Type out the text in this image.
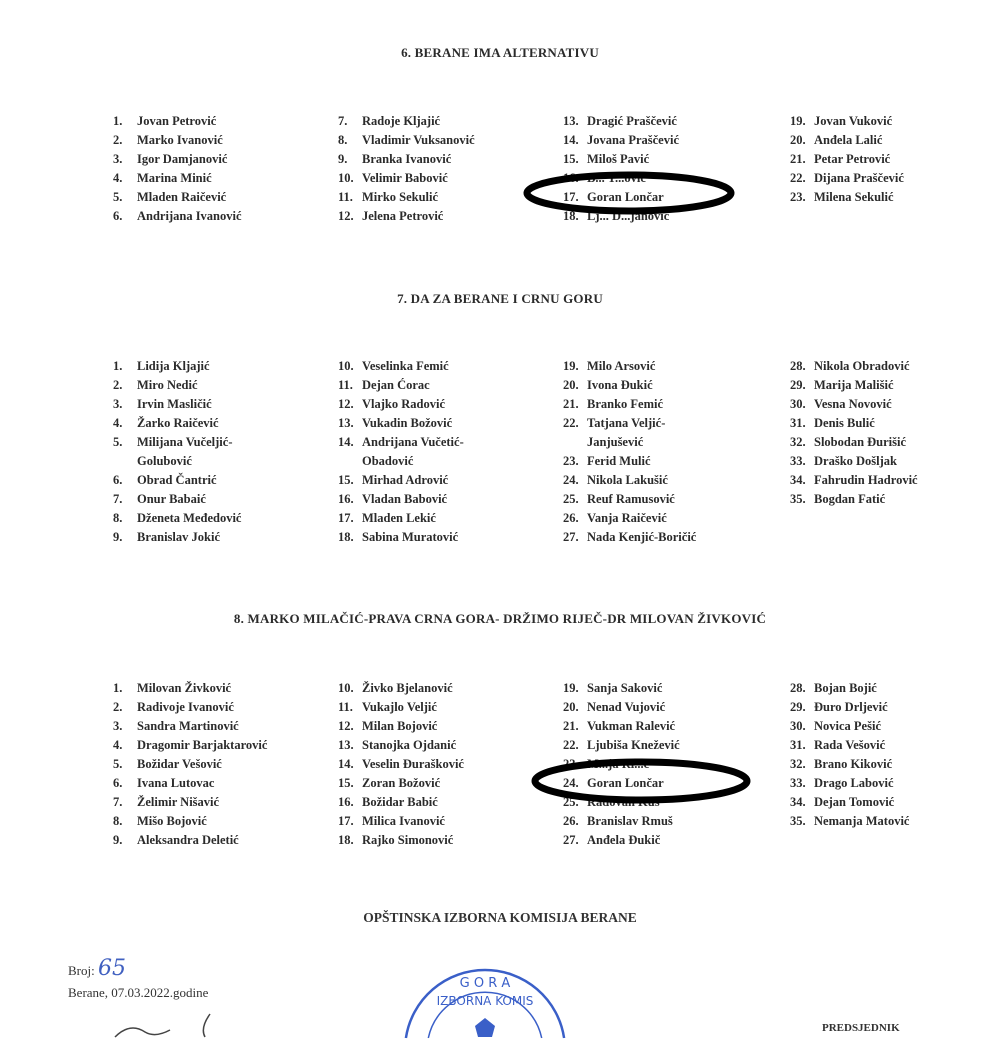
6. BERANE IMA ALTERNATIVU
1. Jovan Petrović
2. Marko Ivanović
3. Igor Damjanović
4. Marina Minić
5. Mladen Raičević
6. Andrijana Ivanović
7. Radoje Kljajić
8. Vladimir Vuksanović
9. Branka Ivanović
10. Velimir Babović
11. Mirko Sekulić
12. Jelena Petrović
13. Dragić Praščević
14. Jovana Praščević
15. Miloš Pavić
16. B... T...ović
17. Goran Lončar
18. Lj... D...janović
19. Jovan Vuković
20. Anđela Lalić
21. Petar Petrović
22. Dijana Praščević
23. Milena Sekulić
7. DA ZA BERANE I CRNU GORU
1. Lidija Kljajić
2. Miro Nedić
3. Irvin Masličić
4. Žarko Raičević
5. Milijana Vučeljić-
Golubović
6. Obrad Čantrić
7. Onur Babaić
8. Dženeta Međedović
9. Branislav Jokić
10. Veselinka Femić
11. Dejan Ćorac
12. Vlajko Radović
13. Vukadin Božović
14. Andrijana Vučetić-
Obadović
15. Mirhad Adrović
16. Vladan Babović
17. Mladen Lekić
18. Sabina Muratović
19. Milo Arsović
20. Ivona Đukić
21. Branko Femić
22. Tatjana Veljić-
Janjušević
23. Ferid Mulić
24. Nikola Lakušić
25. Reuf Ramusović
26. Vanja Raičević
27. Nada Kenjić-Boričić
28. Nikola Obradović
29. Marija Mališić
30. Vesna Novović
31. Denis Bulić
32. Slobodan Đurišić
33. Draško Došljak
34. Fahrudin Hadrović
35. Bogdan Fatić
8. MARKO MILAČIĆ-PRAVA CRNA GORA- DRŽIMO RIJEČ-DR MILOVAN ŽIVKOVIĆ
1. Milovan Živković
2. Radivoje Ivanović
3. Sandra Martinović
4. Dragomir Barjaktarović
5. Božidar Vešović
6. Ivana Lutovac
7. Želimir Nišavić
8. Mišo Bojović
9. Aleksandra Deletić
10. Živko Bjelanović
11. Vukajlo Veljić
12. Milan Bojović
13. Stanojka Ojdanić
14. Veselin Đurašković
15. Zoran Božović
16. Božidar Babić
17. Milica Ivanović
18. Rajko Simonović
19. Sanja Saković
20. Nenad Vujović
21. Vukman Ralević
22. Ljubiša Knežević
23. M...ja Ri...ć
24. Goran Lončar
25. Radovan Kuš
26. Branislav Rmuš
27. Anđela Đukič
28. Bojan Bojić
29. Đuro Drljević
30. Novica Pešić
31. Rada Vešović
32. Brano Kiković
33. Drago Labović
34. Dejan Tomović
35. Nemanja Matović
OPŠTINSKA IZBORNA KOMISIJA BERANE
Broj: 65
Berane, 07.03.2022.godine
G O R A
IZBORNA KOMIS
PREDSJEDNIK
